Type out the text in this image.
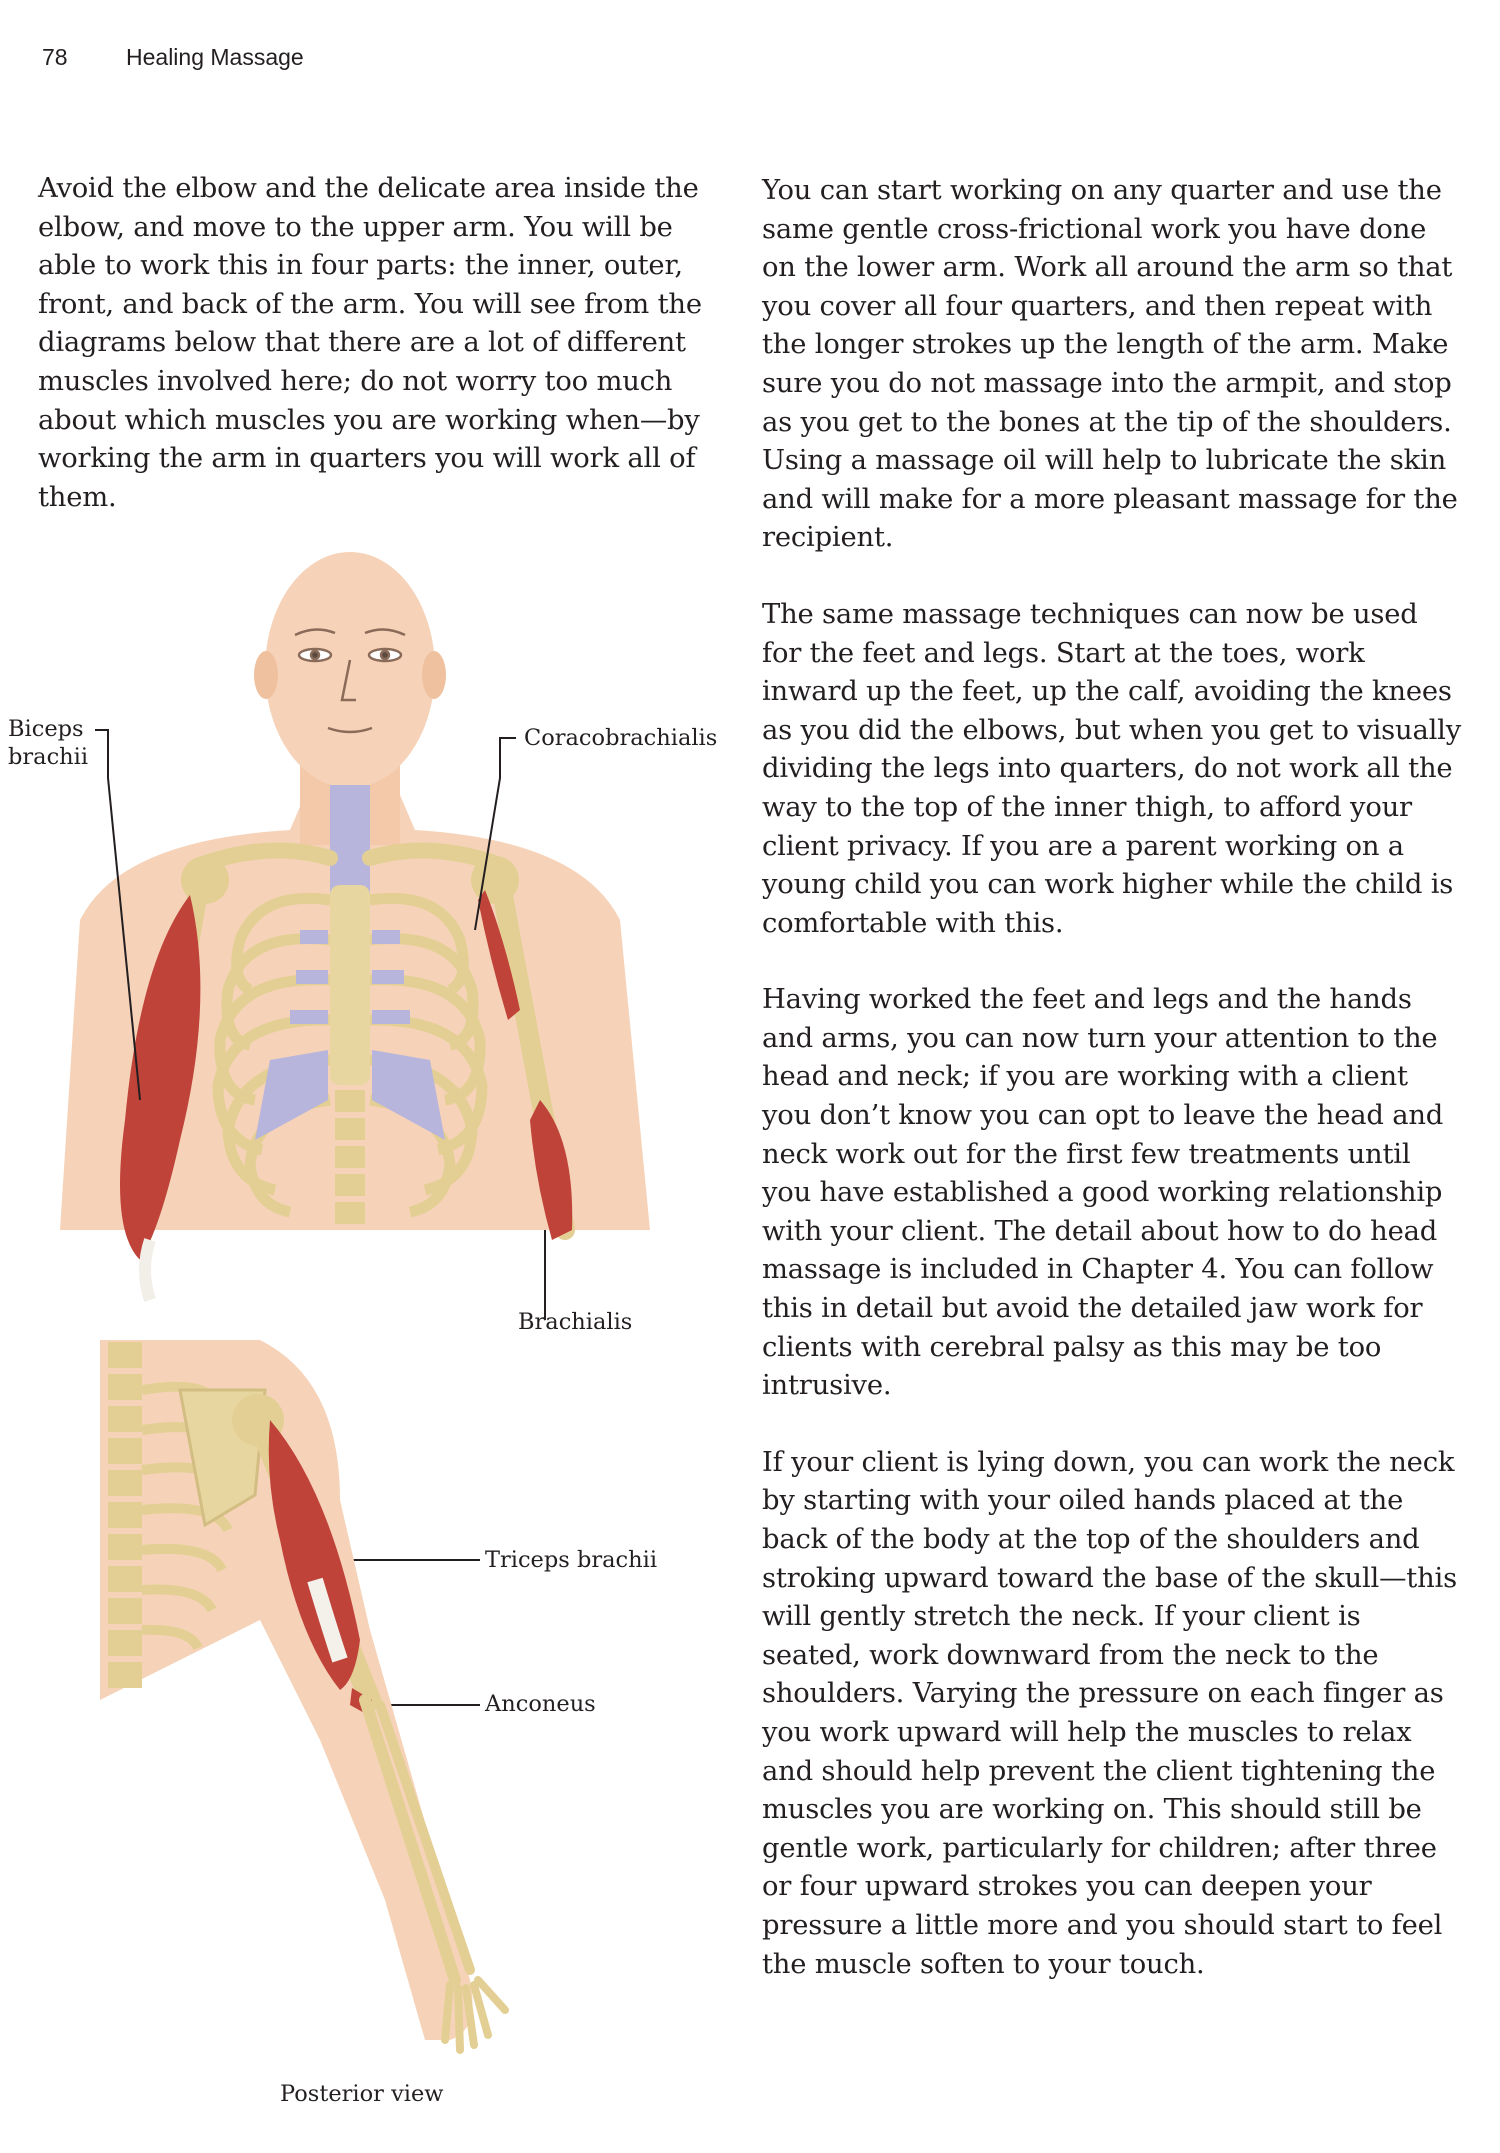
78	Healing Massage

Avoid the elbow and the delicate area inside the elbow, and move to the upper arm. You will be able to work this in four parts: the inner, outer, front, and back of the arm. You will see from the diagrams below that there are a lot of different muscles involved here; do not worry too much about which muscles you are working when—by working the arm in quarters you will work all of them.

You can start working on any quarter and use the same gentle cross-frictional work you have done on the lower arm. Work all around the arm so that you cover all four quarters, and then repeat with the longer strokes up the length of the arm. Make sure you do not massage into the armpit, and stop as you get to the bones at the tip of the shoulders. Using a massage oil will help to lubricate the skin and will make for a more pleasant massage for the recipient.

The same massage techniques can now be used for the feet and legs. Start at the toes, work inward up the feet, up the calf, avoiding the knees as you did the elbows, but when you get to visually dividing the legs into quarters, do not work all the way to the top of the inner thigh, to afford your client privacy. If you are a parent working on a young child you can work higher while the child is comfortable with this.

Having worked the feet and legs and the hands and arms, you can now turn your attention to the head and neck; if you are working with a client you don’t know you can opt to leave the head and neck work out for the first few treatments until you have established a good working relationship with your client. The detail about how to do head massage is included in Chapter 4. You can follow this in detail but avoid the detailed jaw work for clients with cerebral palsy as this may be too intrusive.

If your client is lying down, you can work the neck by starting with your oiled hands placed at the back of the body at the top of the shoulders and stroking upward toward the base of the skull—this will gently stretch the neck. If your client is seated, work downward from the neck to the shoulders. Varying the pressure on each finger as you work upward will help the muscles to relax and should help prevent the client tightening the muscles you are working on. This should still be gentle work, particularly for children; after three or four upward strokes you can deepen your pressure a little more and you should start to feel the muscle soften to your touch.

Biceps
brachii
Coracobrachialis
Brachialis
Triceps brachii
Anconeus
Posterior view
